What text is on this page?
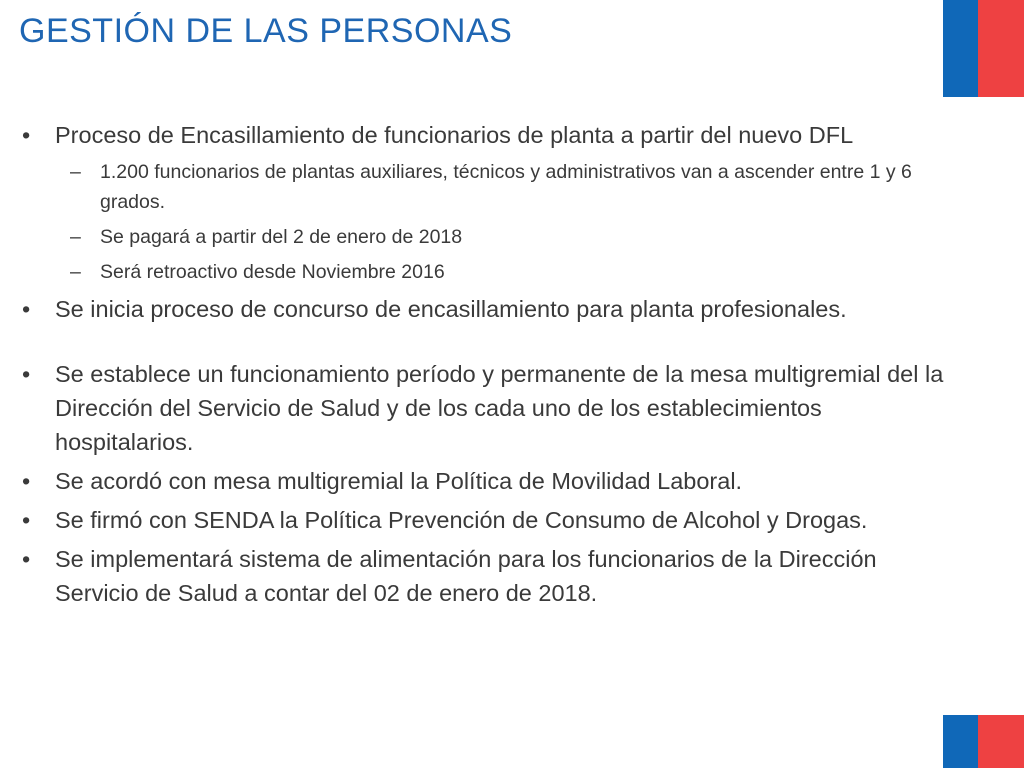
GESTIÓN DE LAS PERSONAS
• Proceso de Encasillamiento de funcionarios de planta a partir del nuevo DFL
– 1.200 funcionarios de plantas auxiliares, técnicos y administrativos van a ascender entre 1 y 6 grados.
– Se pagará a partir del 2 de enero de 2018
– Será retroactivo desde Noviembre 2016
• Se inicia proceso de concurso de encasillamiento para planta profesionales.
• Se establece un funcionamiento período y permanente de la mesa multigremial del la Dirección del Servicio de Salud y de los cada uno de los establecimientos hospitalarios.
• Se acordó con mesa multigremial la Política de Movilidad Laboral.
• Se firmó con SENDA la Política Prevención de Consumo de Alcohol y Drogas.
• Se implementará sistema de alimentación para los funcionarios de la Dirección Servicio de Salud a contar del 02 de enero de 2018.
